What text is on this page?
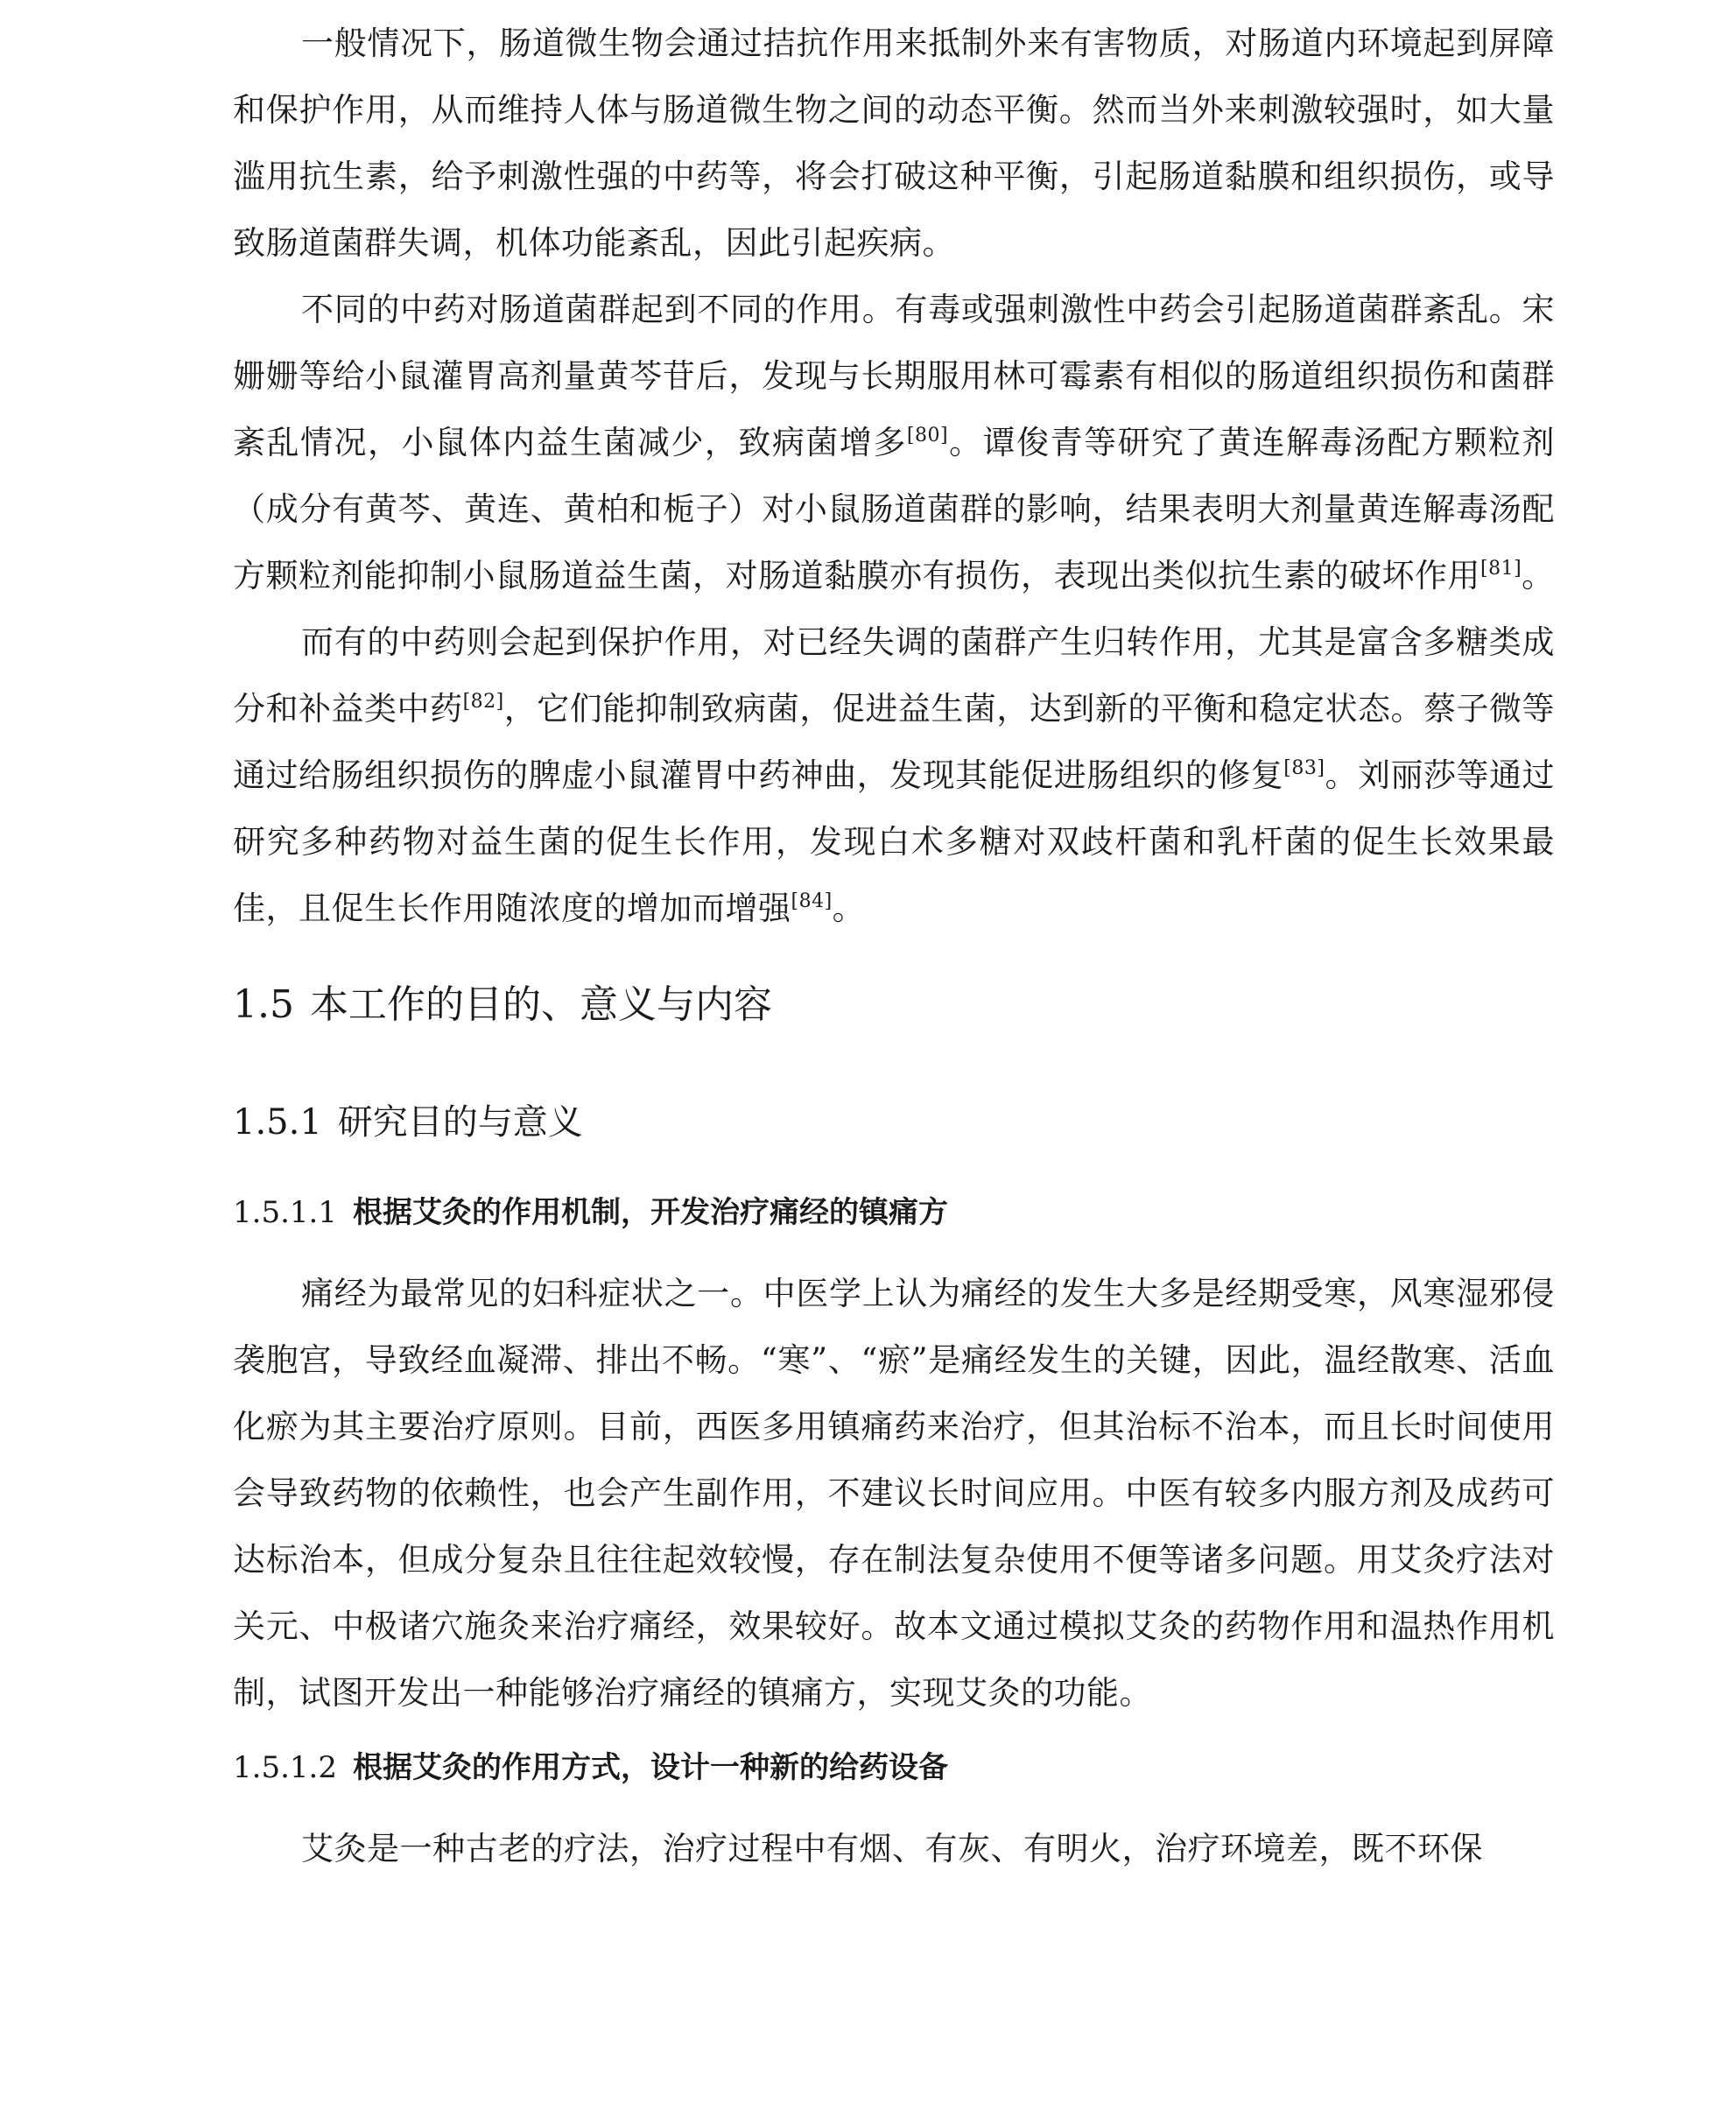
一般情况下，肠道微生物会通过拮抗作用来抵制外来有害物质，对肠道内环境起到屏障和保护作用，从而维持人体与肠道微生物之间的动态平衡。然而当外来刺激较强时，如大量滥用抗生素，给予刺激性强的中药等，将会打破这种平衡，引起肠道黏膜和组织损伤，或导致肠道菌群失调，机体功能紊乱，因此引起疾病。

不同的中药对肠道菌群起到不同的作用。有毒或强刺激性中药会引起肠道菌群紊乱。宋姗姗等给小鼠灌胃高剂量黄芩苷后，发现与长期服用林可霉素有相似的肠道组织损伤和菌群紊乱情况，小鼠体内益生菌减少，致病菌增多[80]。谭俊青等研究了黄连解毒汤配方颗粒剂（成分有黄芩、黄连、黄柏和栀子）对小鼠肠道菌群的影响，结果表明大剂量黄连解毒汤配方颗粒剂能抑制小鼠肠道益生菌，对肠道黏膜亦有损伤，表现出类似抗生素的破坏作用[81]。

而有的中药则会起到保护作用，对已经失调的菌群产生归转作用，尤其是富含多糖类成分和补益类中药[82]，它们能抑制致病菌，促进益生菌，达到新的平衡和稳定状态。蔡子微等通过给肠组织损伤的脾虚小鼠灌胃中药神曲，发现其能促进肠组织的修复[83]。刘丽莎等通过研究多种药物对益生菌的促生长作用，发现白术多糖对双歧杆菌和乳杆菌的促生长效果最佳，且促生长作用随浓度的增加而增强[84]。

1.5 本工作的目的、意义与内容
1.5.1 研究目的与意义
1.5.1.1 根据艾灸的作用机制，开发治疗痛经的镇痛方

痛经为最常见的妇科症状之一。中医学上认为痛经的发生大多是经期受寒，风寒湿邪侵袭胞宫，导致经血凝滞、排出不畅。“寒”、“瘀”是痛经发生的关键，因此，温经散寒、活血化瘀为其主要治疗原则。目前，西医多用镇痛药来治疗，但其治标不治本，而且长时间使用会导致药物的依赖性，也会产生副作用，不建议长时间应用。中医有较多内服方剂及成药可达标治本，但成分复杂且往往起效较慢，存在制法复杂使用不便等诸多问题。用艾灸疗法对关元、中极诸穴施灸来治疗痛经，效果较好。故本文通过模拟艾灸的药物作用和温热作用机制，试图开发出一种能够治疗痛经的镇痛方，实现艾灸的功能。

1.5.1.2 根据艾灸的作用方式，设计一种新的给药设备

艾灸是一种古老的疗法，治疗过程中有烟、有灰、有明火，治疗环境差，既不环保
